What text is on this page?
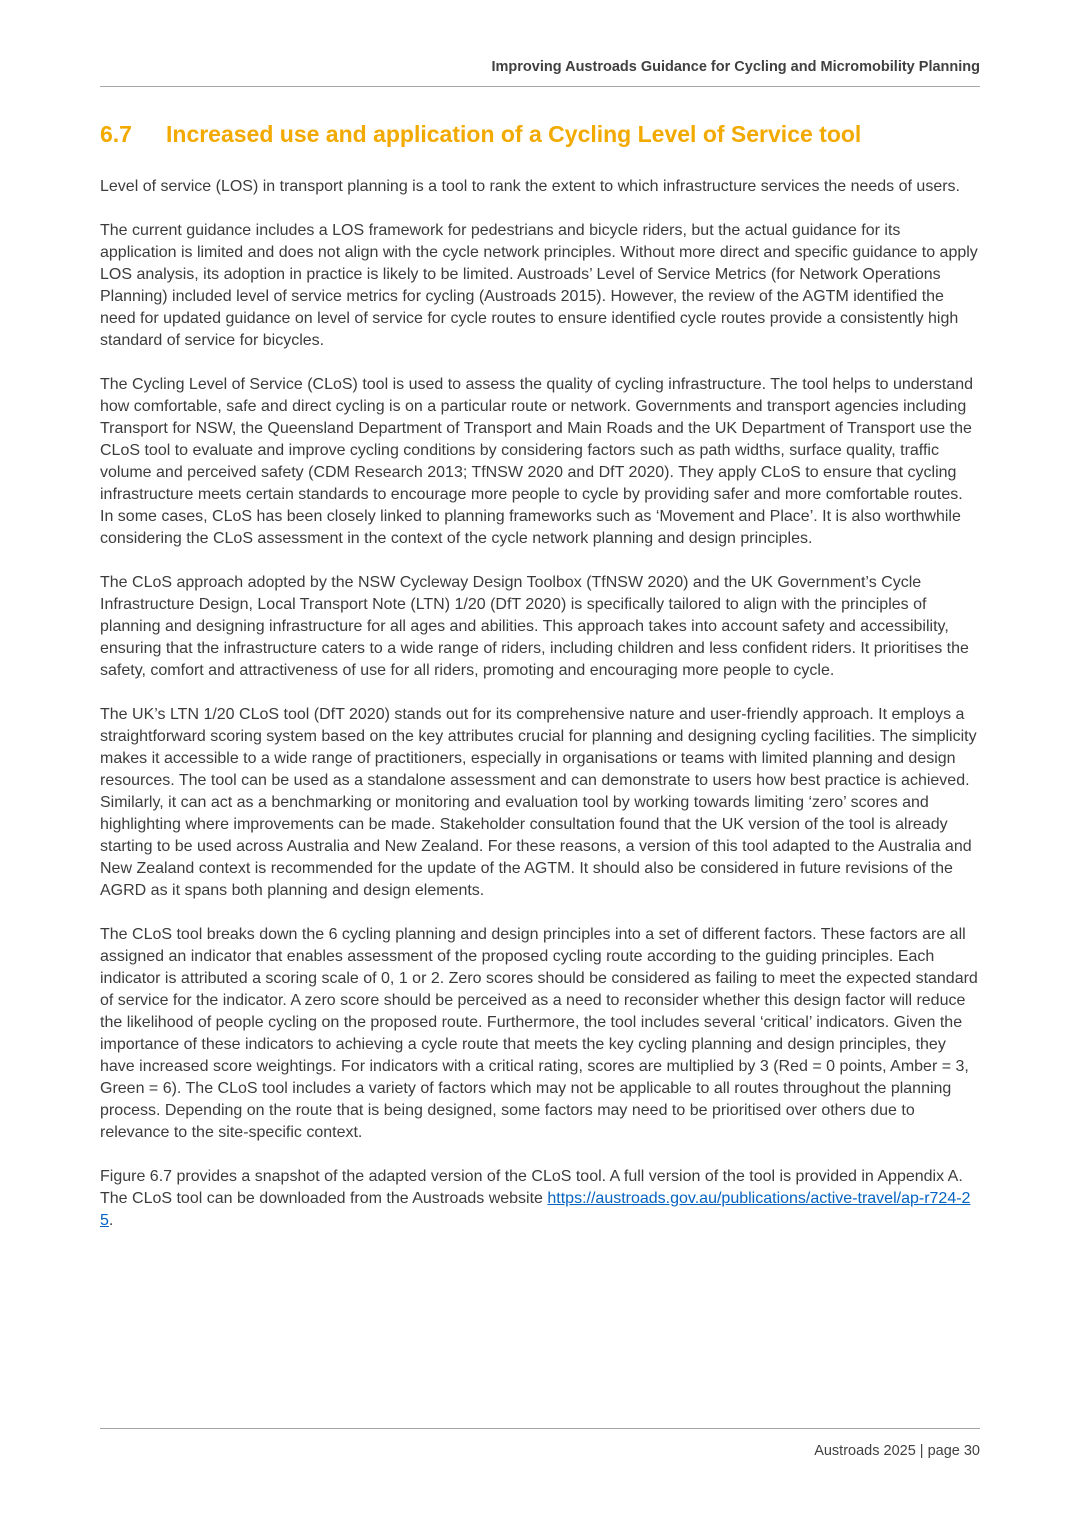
Improving Austroads Guidance for Cycling and Micromobility Planning
6.7	Increased use and application of a Cycling Level of Service tool

Level of service (LOS) in transport planning is a tool to rank the extent to which infrastructure services the needs of users.

The current guidance includes a LOS framework for pedestrians and bicycle riders, but the actual guidance for its application is limited and does not align with the cycle network principles. Without more direct and specific guidance to apply LOS analysis, its adoption in practice is likely to be limited. Austroads’ Level of Service Metrics (for Network Operations Planning) included level of service metrics for cycling (Austroads 2015). However, the review of the AGTM identified the need for updated guidance on level of service for cycle routes to ensure identified cycle routes provide a consistently high standard of service for bicycles.

The Cycling Level of Service (CLoS) tool is used to assess the quality of cycling infrastructure. The tool helps to understand how comfortable, safe and direct cycling is on a particular route or network. Governments and transport agencies including Transport for NSW, the Queensland Department of Transport and Main Roads and the UK Department of Transport use the CLoS tool to evaluate and improve cycling conditions by considering factors such as path widths, surface quality, traffic volume and perceived safety (CDM Research 2013; TfNSW 2020 and DfT 2020). They apply CLoS to ensure that cycling infrastructure meets certain standards to encourage more people to cycle by providing safer and more comfortable routes. In some cases, CLoS has been closely linked to planning frameworks such as ‘Movement and Place’. It is also worthwhile considering the CLoS assessment in the context of the cycle network planning and design principles.

The CLoS approach adopted by the NSW Cycleway Design Toolbox (TfNSW 2020) and the UK Government’s Cycle Infrastructure Design, Local Transport Note (LTN) 1/20 (DfT 2020) is specifically tailored to align with the principles of planning and designing infrastructure for all ages and abilities. This approach takes into account safety and accessibility, ensuring that the infrastructure caters to a wide range of riders, including children and less confident riders. It prioritises the safety, comfort and attractiveness of use for all riders, promoting and encouraging more people to cycle.

The UK’s LTN 1/20 CLoS tool (DfT 2020) stands out for its comprehensive nature and user-friendly approach. It employs a straightforward scoring system based on the key attributes crucial for planning and designing cycling facilities. The simplicity makes it accessible to a wide range of practitioners, especially in organisations or teams with limited planning and design resources. The tool can be used as a standalone assessment and can demonstrate to users how best practice is achieved. Similarly, it can act as a benchmarking or monitoring and evaluation tool by working towards limiting ‘zero’ scores and highlighting where improvements can be made. Stakeholder consultation found that the UK version of the tool is already starting to be used across Australia and New Zealand. For these reasons, a version of this tool adapted to the Australia and New Zealand context is recommended for the update of the AGTM. It should also be considered in future revisions of the AGRD as it spans both planning and design elements.

The CLoS tool breaks down the 6 cycling planning and design principles into a set of different factors. These factors are all assigned an indicator that enables assessment of the proposed cycling route according to the guiding principles. Each indicator is attributed a scoring scale of 0, 1 or 2. Zero scores should be considered as failing to meet the expected standard of service for the indicator. A zero score should be perceived as a need to reconsider whether this design factor will reduce the likelihood of people cycling on the proposed route. Furthermore, the tool includes several ‘critical’ indicators. Given the importance of these indicators to achieving a cycle route that meets the key cycling planning and design principles, they have increased score weightings. For indicators with a critical rating, scores are multiplied by 3 (Red = 0 points, Amber = 3, Green = 6). The CLoS tool includes a variety of factors which may not be applicable to all routes throughout the planning process. Depending on the route that is being designed, some factors may need to be prioritised over others due to relevance to the site-specific context.

Figure 6.7 provides a snapshot of the adapted version of the CLoS tool. A full version of the tool is provided in Appendix A. The CLoS tool can be downloaded from the Austroads website https://austroads.gov.au/publications/active-travel/ap-r724-25.

Austroads 2025 | page 30
